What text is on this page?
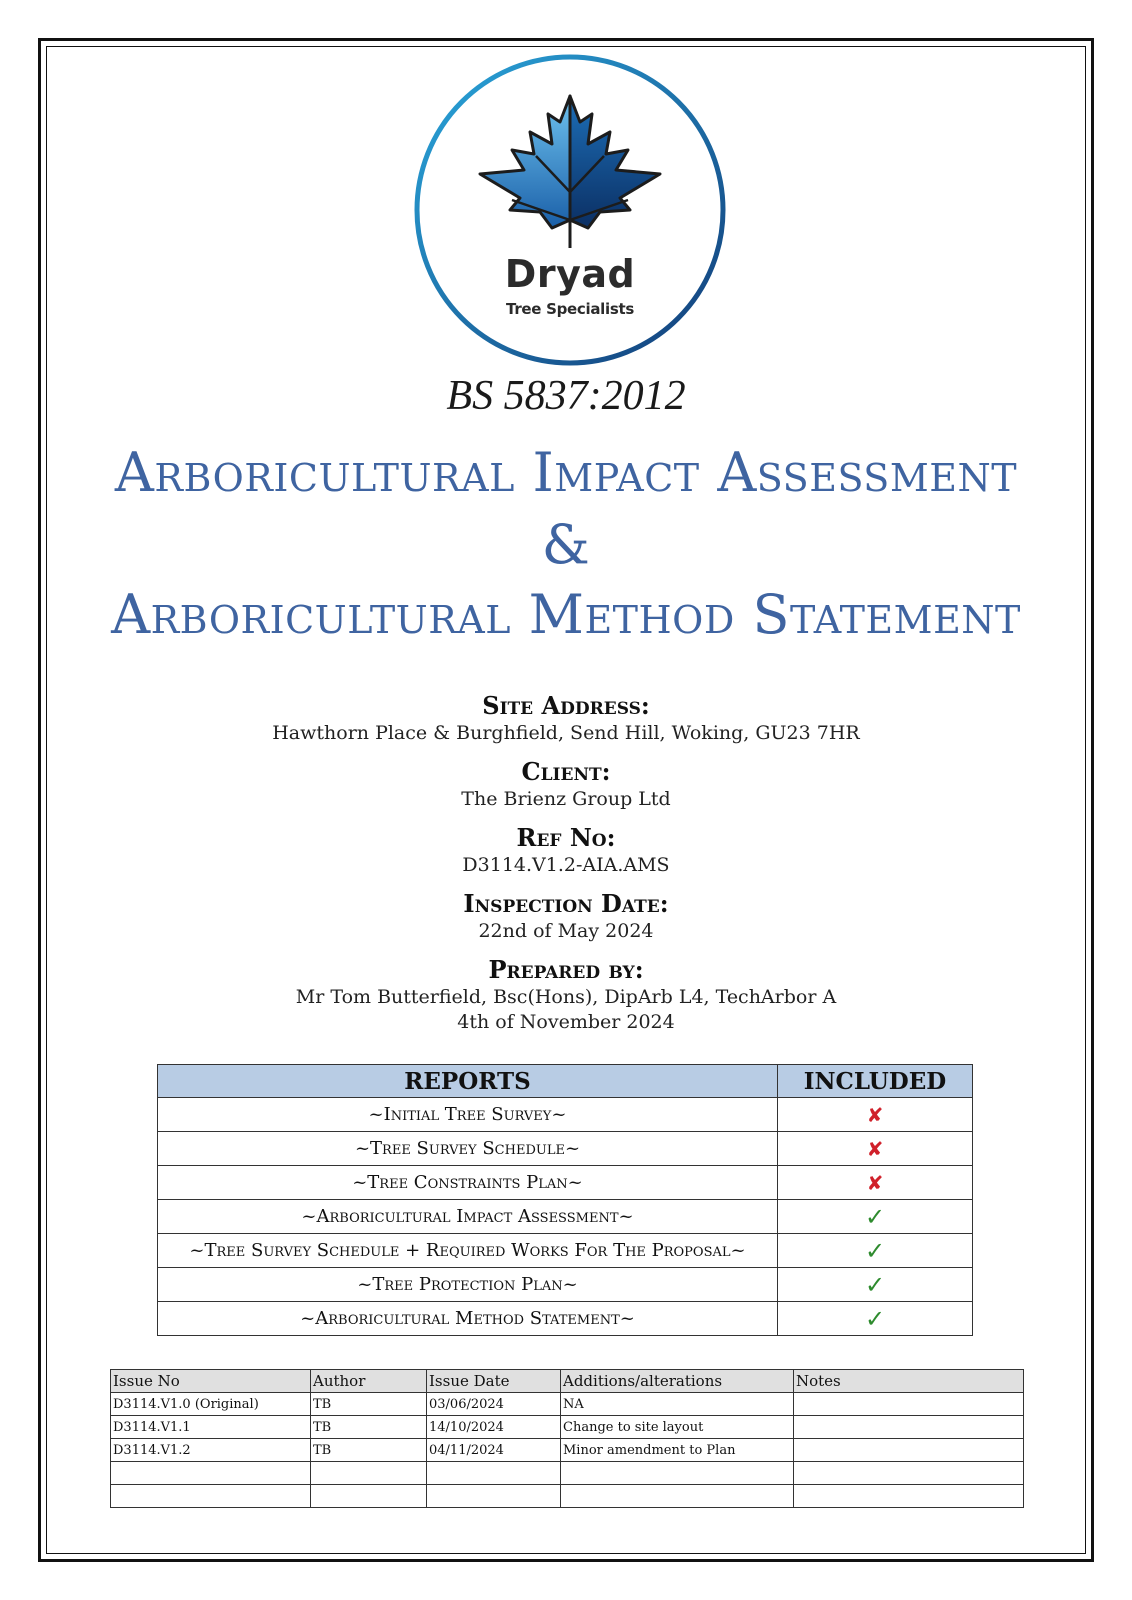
Dryad
Tree Specialists
BS 5837:2012
Arboricultural Impact Assessment
&
Arboricultural Method Statement
Site Address:
Hawthorn Place & Burghfield, Send Hill, Woking, GU23 7HR
Client:
The Brienz Group Ltd
Ref No:
D3114.V1.2-AIA.AMS
Inspection Date:
22nd of May 2024
Prepared by:
Mr Tom Butterfield, Bsc(Hons), DipArb L4, TechArbor A
4th of November 2024
REPORTS	INCLUDED
~Initial Tree Survey~	✘
~Tree Survey Schedule~	✘
~Tree Constraints Plan~	✘
~Arboricultural Impact Assessment~	✓
~Tree Survey Schedule + Required Works For The Proposal~	✓
~Tree Protection Plan~	✓
~Arboricultural Method Statement~	✓
Issue No	Author	Issue Date	Additions/alterations	Notes
D3114.V1.0 (Original)	TB	03/06/2024	NA	
D3114.V1.1	TB	14/10/2024	Change to site layout	
D3114.V1.2	TB	04/11/2024	Minor amendment to Plan	
